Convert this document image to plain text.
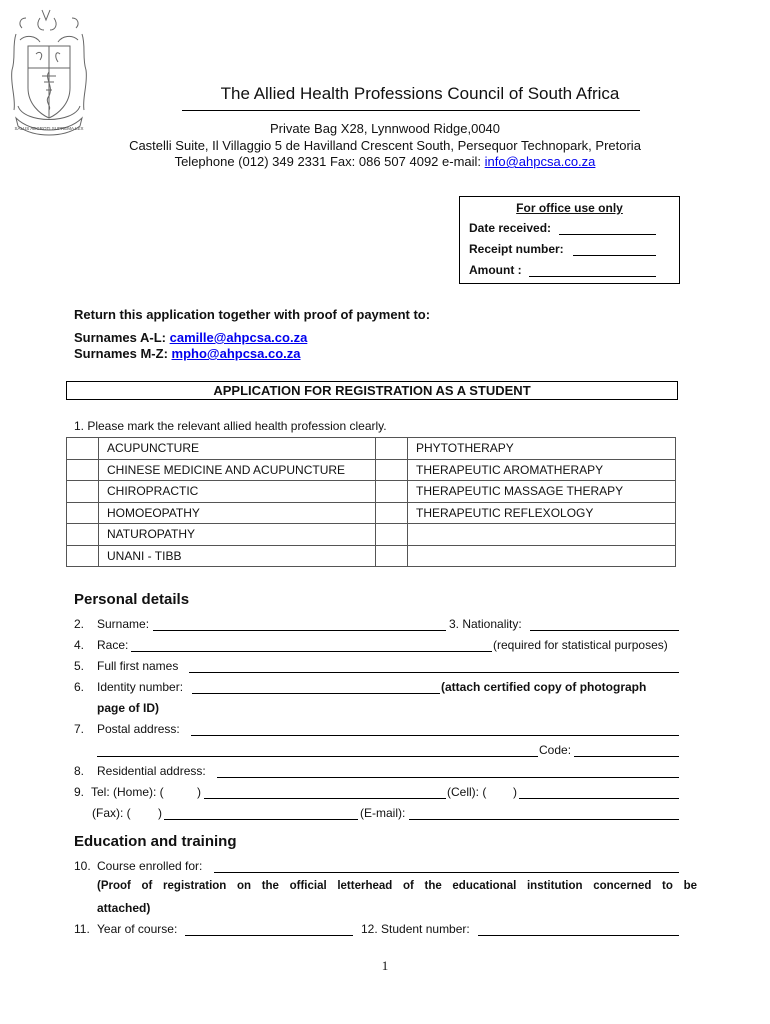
SALUS AEGROTI SUPREMA LEX
The Allied Health Professions Council of South Africa
Private Bag X28, Lynnwood Ridge,0040
Castelli Suite, Il Villaggio 5 de Havilland Crescent South, Persequor Technopark, Pretoria
Telephone (012) 349 2331 Fax: 086 507 4092 e-mail: info@ahpcsa.co.za
For office use only
Date received:
Receipt number:
Amount :
Return this application together with proof of payment to:
Surnames A-L: camille@ahpcsa.co.za
Surnames M-Z: mpho@ahpcsa.co.za
APPLICATION FOR REGISTRATION AS A STUDENT
1. Please mark the relevant allied health profession clearly.
	ACUPUNCTURE		PHYTOTHERAPY
	CHINESE MEDICINE AND ACUPUNCTURE		THERAPEUTIC AROMATHERAPY
	CHIROPRACTIC		THERAPEUTIC MASSAGE THERAPY
	HOMOEOPATHY		THERAPEUTIC REFLEXOLOGY
	NATUROPATHY		
	UNANI - TIBB		
Personal details
2. Surname:	3. Nationality:
4. Race:	(required for statistical purposes)
5. Full first names
6. Identity number:	(attach certified copy of photograph
page of ID)
7. Postal address:
Code:
8. Residential address:
9. Tel: (Home): (	)	(Cell): ( )
(Fax): ( )	(E-mail):
Education and training
10. Course enrolled for:
(Proof of registration on the official letterhead of the educational institution concerned to be
attached)
11. Year of course:	12. Student number:
1
